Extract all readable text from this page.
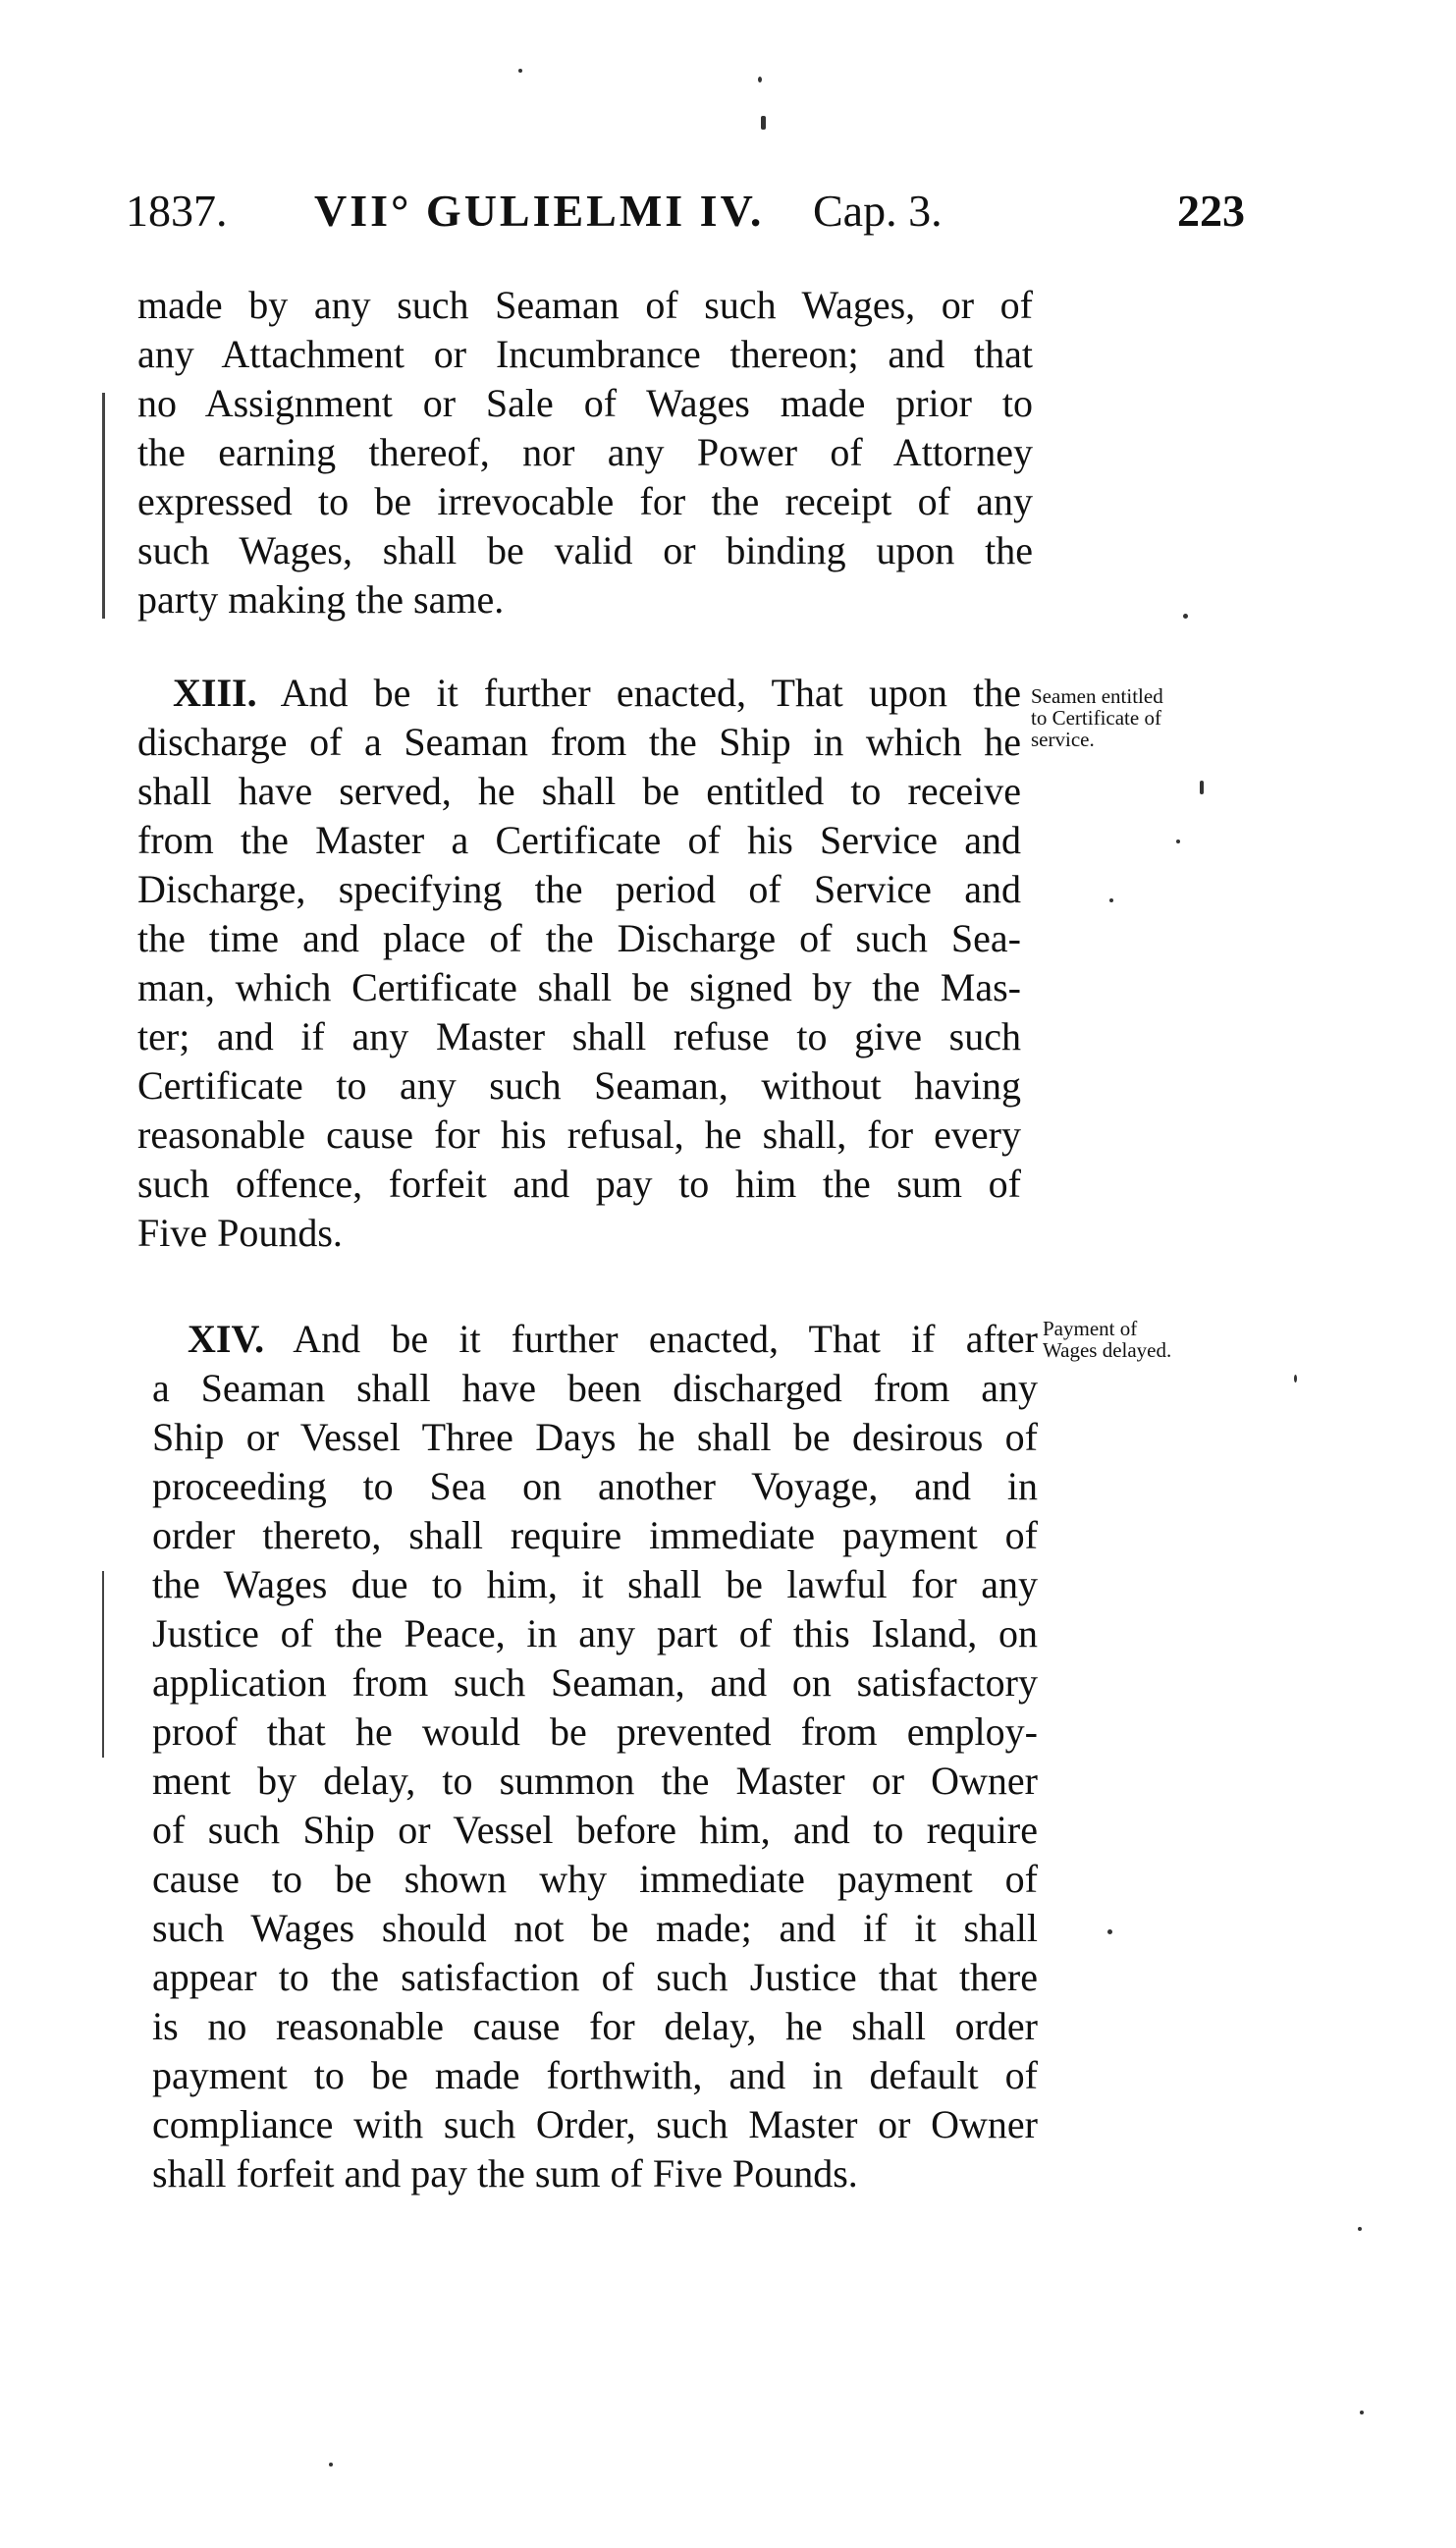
1837. VII° GULIELMI IV. Cap. 3.	223
made by any such Seaman of such Wages, or of
any Attachment or Incumbrance thereon; and that
no Assignment or Sale of Wages made prior to
the earning thereof, nor any Power of Attorney
expressed to be irrevocable for the receipt of any
such Wages, shall be valid or binding upon the
party making the same.
XIII. And be it further enacted, That upon the
discharge of a Seaman from the Ship in which he
shall have served, he shall be entitled to receive
from the Master a Certificate of his Service and
Discharge, specifying the period of Service and
the time and place of the Discharge of such Sea-
man, which Certificate shall be signed by the Mas-
ter; and if any Master shall refuse to give such
Certificate to any such Seaman, without having
reasonable cause for his refusal, he shall, for every
such offence, forfeit and pay to him the sum of
Five Pounds.
Seamen entitled
to Certificate of
service.
XIV. And be it further enacted, That if after
a Seaman shall have been discharged from any
Ship or Vessel Three Days he shall be desirous of
proceeding to Sea on another Voyage, and in
order thereto, shall require immediate payment of
the Wages due to him, it shall be lawful for any
Justice of the Peace, in any part of this Island, on
application from such Seaman, and on satisfactory
proof that he would be prevented from employ-
ment by delay, to summon the Master or Owner
of such Ship or Vessel before him, and to require
cause to be shown why immediate payment of
such Wages should not be made; and if it shall
appear to the satisfaction of such Justice that there
is no reasonable cause for delay, he shall order
payment to be made forthwith, and in default of
compliance with such Order, such Master or Owner
shall forfeit and pay the sum of Five Pounds.
Payment of
Wages delayed.
